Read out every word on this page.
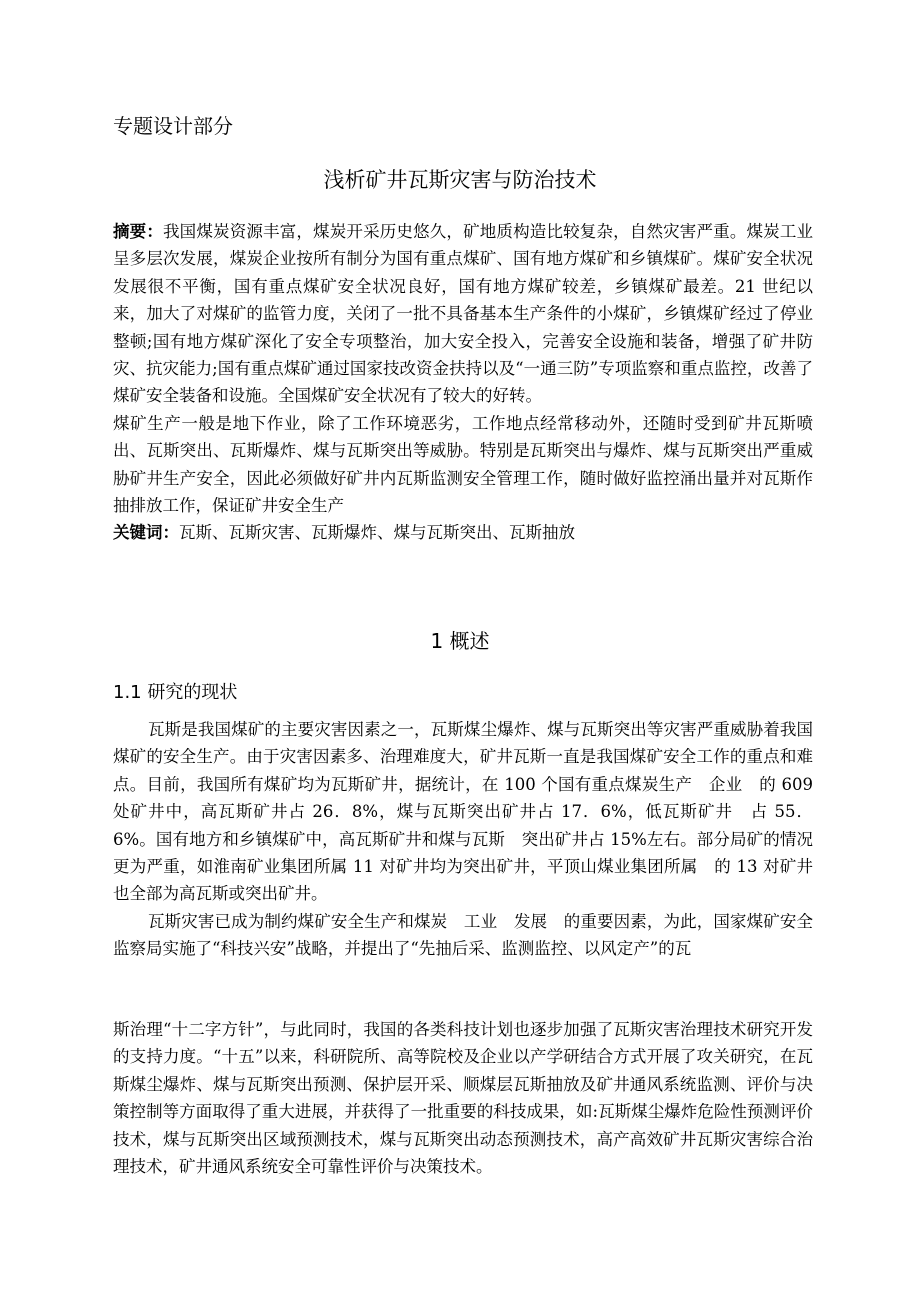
专题设计部分
浅析矿井瓦斯灾害与防治技术

摘要：我国煤炭资源丰富，煤炭开采历史悠久，矿地质构造比较复杂，自然灾害严重。煤炭工业呈多层次发展，煤炭企业按所有制分为国有重点煤矿、国有地方煤矿和乡镇煤矿。煤矿安全状况发展很不平衡，国有重点煤矿安全状况良好，国有地方煤矿较差，乡镇煤矿最差。21 世纪以来，加大了对煤矿的监管力度，关闭了一批不具备基本生产条件的小煤矿，乡镇煤矿经过了停业整顿;国有地方煤矿深化了安全专项整治，加大安全投入，完善安全设施和装备，增强了矿井防灾、抗灾能力;国有重点煤矿通过国家技改资金扶持以及“一通三防”专项监察和重点监控，改善了煤矿安全装备和设施。全国煤矿安全状况有了较大的好转。

煤矿生产一般是地下作业，除了工作环境恶劣，工作地点经常移动外，还随时受到矿井瓦斯喷出、瓦斯突出、瓦斯爆炸、煤与瓦斯突出等威胁。特别是瓦斯突出与爆炸、煤与瓦斯突出严重威胁矿井生产安全，因此必须做好矿井内瓦斯监测安全管理工作，随时做好监控涌出量并对瓦斯作抽排放工作，保证矿井安全生产

关键词：瓦斯、瓦斯灾害、瓦斯爆炸、煤与瓦斯突出、瓦斯抽放

1 概述
1.1 研究的现状

瓦斯是我国煤矿的主要灾害因素之一，瓦斯煤尘爆炸、煤与瓦斯突出等灾害严重威胁着我国煤矿的安全生产。由于灾害因素多、治理难度大，矿井瓦斯一直是我国煤矿安全工作的重点和难点。目前，我国所有煤矿均为瓦斯矿井，据统计，在 100 个国有重点煤炭生产　企业　的 609 处矿井中，高瓦斯矿井占 26．8%，煤与瓦斯突出矿井占 17．6%，低瓦斯矿井　占 55．6%。国有地方和乡镇煤矿中，高瓦斯矿井和煤与瓦斯　突出矿井占 15%左右。部分局矿的情况更为严重，如淮南矿业集团所属 11 对矿井均为突出矿井，平顶山煤业集团所属　的 13 对矿井也全部为高瓦斯或突出矿井。

瓦斯灾害已成为制约煤矿安全生产和煤炭　工业　发展　的重要因素，为此，国家煤矿安全监察局实施了“科技兴安”战略，并提出了“先抽后采、监测监控、以风定产”的瓦

斯治理“十二字方针”，与此同时，我国的各类科技计划也逐步加强了瓦斯灾害治理技术研究开发的支持力度。“十五”以来，科研院所、高等院校及企业以产学研结合方式开展了攻关研究，在瓦斯煤尘爆炸、煤与瓦斯突出预测、保护层开采、顺煤层瓦斯抽放及矿井通风系统监测、评价与决策控制等方面取得了重大进展，并获得了一批重要的科技成果，如:瓦斯煤尘爆炸危险性预测评价技术，煤与瓦斯突出区域预测技术，煤与瓦斯突出动态预测技术，高产高效矿井瓦斯灾害综合治理技术，矿井通风系统安全可靠性评价与决策技术。
